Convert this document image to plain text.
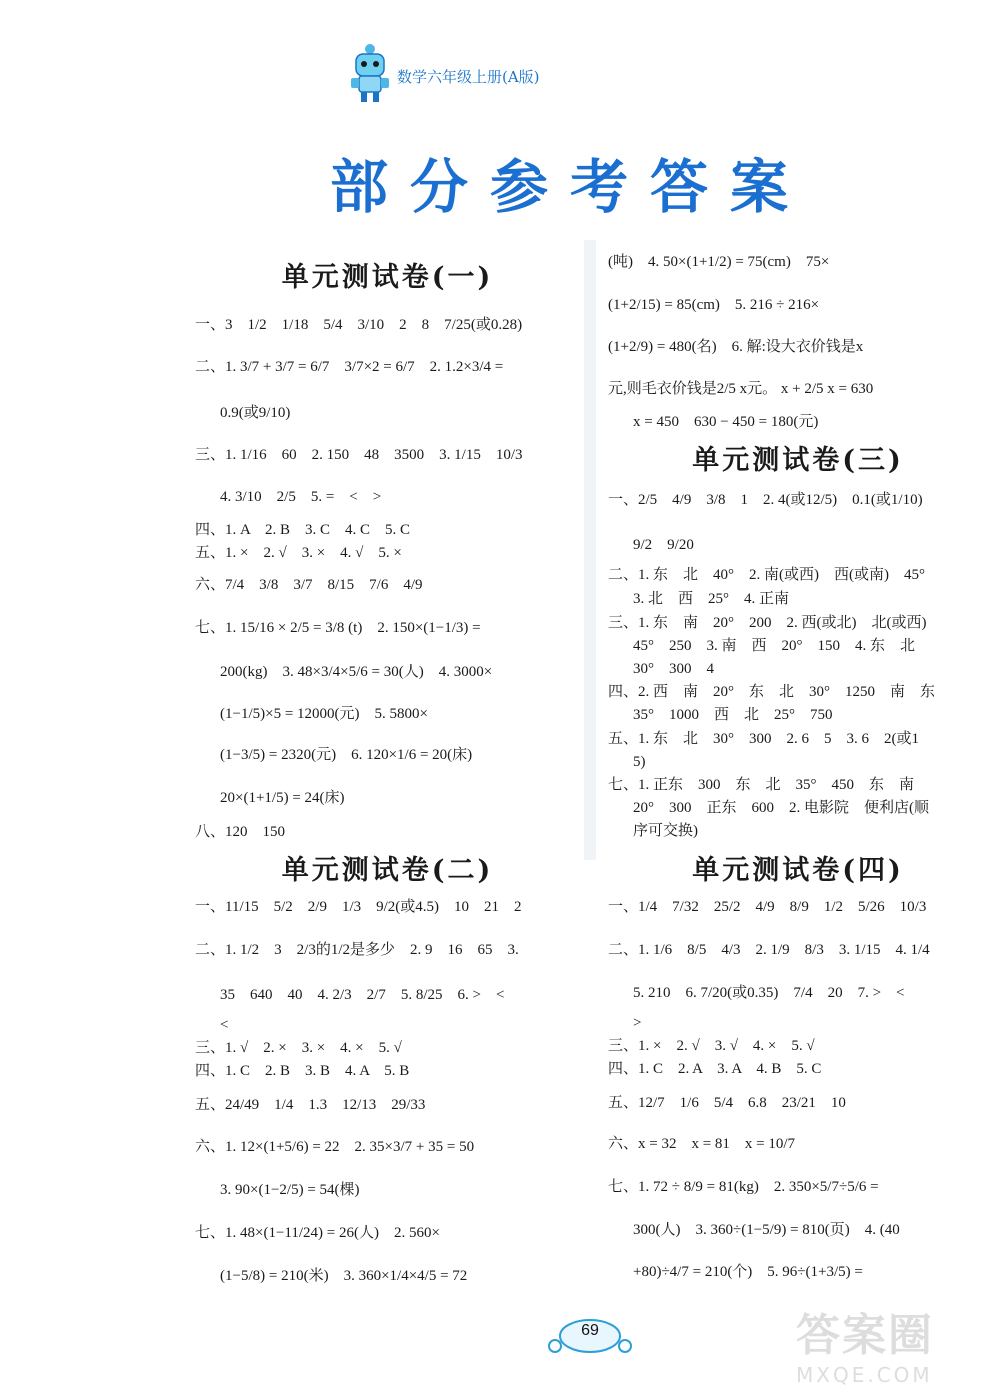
数学六年级上册(A版)
部分参考答案
单元测试卷(一)
一、3　1/2　1/18　5/4　3/10　2　8　7/25(或0.28)
二、1. 3/7 + 3/7 = 6/7　3/7×2 = 6/7　2. 1.2×3/4 =
0.9(或9/10)
三、1. 1/16　60　2. 150　48　3500　3. 1/15　10/3
4. 3/10　2/5　5. =　<　>
四、1. A　2. B　3. C　4. C　5. C
五、1. ×　2. √　3. ×　4. √　5. ×
六、7/4　3/8　3/7　8/15　7/6　4/9
七、1. 15/16 × 2/5 = 3/8 (t)　2. 150×(1−1/3) =
200(kg)　3. 48×3/4×5/6 = 30(人)　4. 3000×
(1−1/5)×5 = 12000(元)　5. 5800×
(1−3/5) = 2320(元)　6. 120×1/6 = 20(床)
20×(1+1/5) = 24(床)
八、120　150
单元测试卷(二)
一、11/15　5/2　2/9　1/3　9/2(或4.5)　10　21　2
二、1. 1/2　3　2/3的1/2是多少　2. 9　16　65　3.
35　640　40　4. 2/3　2/7　5. 8/25　6. >　<
<
三、1. √　2. ×　3. ×　4. ×　5. √
四、1. C　2. B　3. B　4. A　5. B
五、24/49　1/4　1.3　12/13　29/33
六、1. 12×(1+5/6) = 22　2. 35×3/7 + 35 = 50
3. 90×(1−2/5) = 54(棵)
七、1. 48×(1−11/24) = 26(人)　2. 560×
(1−5/8) = 210(米)　3. 360×1/4×4/5 = 72
(吨)　4. 50×(1+1/2) = 75(cm)　75×
(1+2/15) = 85(cm)　5. 216 ÷ 216×
(1+2/9) = 480(名)　6. 解:设大衣价钱是x
元,则毛衣价钱是2/5 x元。 x + 2/5 x = 630
x = 450　630 − 450 = 180(元)
单元测试卷(三)
一、2/5　4/9　3/8　1　2. 4(或12/5)　0.1(或1/10)
9/2　9/20
二、1. 东　北　40°　2. 南(或西)　西(或南)　45°
3. 北　西　25°　4. 正南
三、1. 东　南　20°　200　2. 西(或北)　北(或西)
45°　250　3. 南　西　20°　150　4. 东　北
30°　300　4
四、2. 西　南　20°　东　北　30°　1250　南　东
35°　1000　西　北　25°　750
五、1. 东　北　30°　300　2. 6　5　3. 6　2(或1
5)
七、1. 正东　300　东　北　35°　450　东　南
20°　300　正东　600　2. 电影院　便利店(顺
序可交换)
单元测试卷(四)
一、1/4　7/32　25/2　4/9　8/9　1/2　5/26　10/3
二、1. 1/6　8/5　4/3　2. 1/9　8/3　3. 1/15　4. 1/4
5. 210　6. 7/20(或0.35)　7/4　20　7. >　<
>
三、1. ×　2. √　3. √　4. ×　5. √
四、1. C　2. A　3. A　4. B　5. C
五、12/7　1/6　5/4　6.8　23/21　10
六、x = 32　x = 81　x = 10/7
七、1. 72 ÷ 8/9 = 81(kg)　2. 350×5/7÷5/6 =
300(人)　3. 360÷(1−5/9) = 810(页)　4. (40
+80)÷4/7 = 210(个)　5. 96÷(1+3/5) =
69	答案圈
MXQE.COM
